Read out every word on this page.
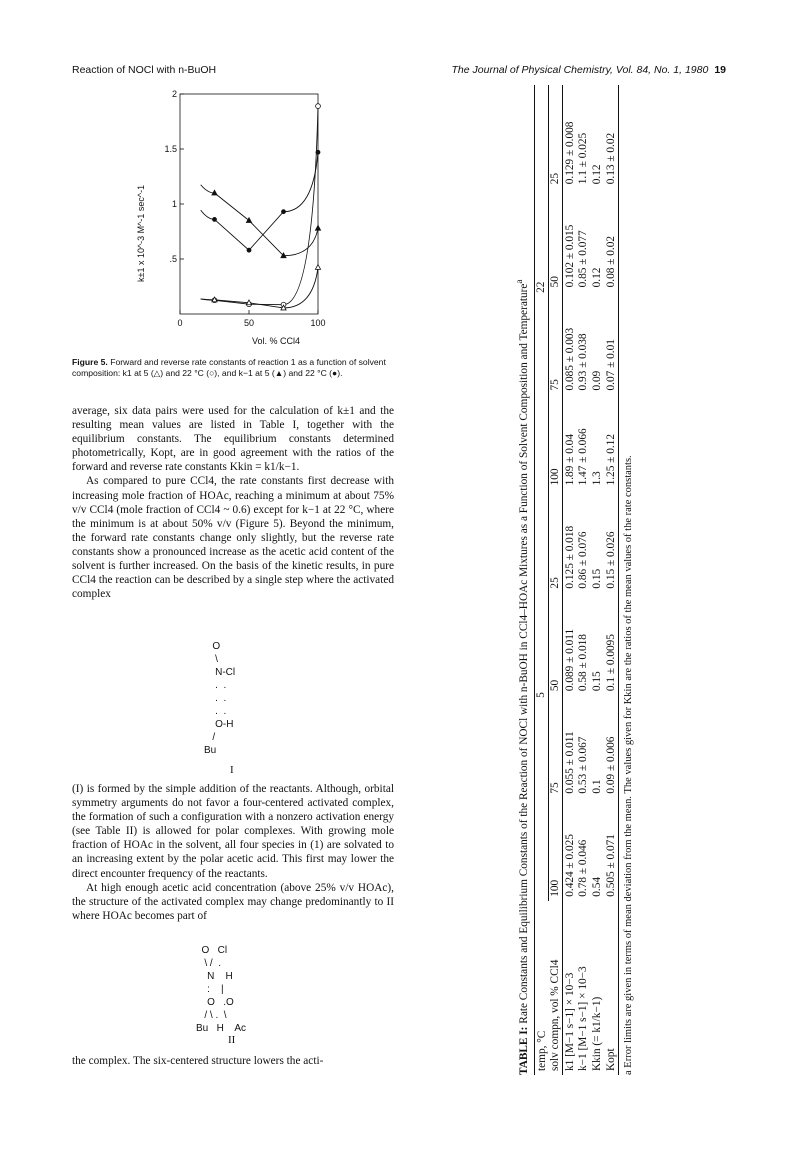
Reaction of NOCl with n-BuOH	The Journal of Physical Chemistry, Vol. 84, No. 1, 1980 19
0	50	100
2
1.5
1
.5
k±1 x 10^-3 M^-1 sec^-1
Vol. % CCl4
Figure 5. Forward and reverse rate constants of reaction 1 as a function of solvent composition: k1 at 5 (△) and 22 °C (○), and k−1 at 5 (▲) and 22 °C (●).

average, six data pairs were used for the calculation of k±1 and the resulting mean values are listed in Table I, together with the equilibrium constants. The equilibrium constants determined photometrically, Kopt, are in good agreement with the ratios of the forward and reverse rate constants Kkin = k1/k−1.

As compared to pure CCl4, the rate constants first decrease with increasing mole fraction of HOAc, reaching a minimum at about 75% v/v CCl4 (mole fraction of CCl4 ~ 0.6) except for k−1 at 22 °C, where the minimum is at about 50% v/v (Figure 5). Beyond the minimum, the forward rate constants change only slightly, but the reverse rate constants show a pronounced increase as the acetic acid content of the solvent is further increased. On the basis of the kinetic results, in pure CCl4 the reaction can be described by a single step where the activated complex

O
\
N-Cl
.  .
.  .
.  .
O-H
/
Bu
I

(I) is formed by the simple addition of the reactants. Although, orbital symmetry arguments do not favor a four-centered activated complex, the formation of such a configuration with a nonzero activation energy (see Table II) is allowed for polar complexes. With growing mole fraction of HOAc in the solvent, all four species in (1) are solvated to an increasing extent by the polar acetic acid. This first may lower the direct encounter frequency of the reactants.

At high enough acetic acid concentration (above 25% v/v HOAc), the structure of the activated complex may change predominantly to II where HOAc becomes part of

O   Cl
\ /  .
N    H
:    |
O   .O
/ \ .  \
Bu   H    Ac
II

the complex. The six-centered structure lowers the acti-	TABLE I: Rate Constants and Equilibrium Constants of the Reaction of NOCl with n-BuOH in CCl4–HOAc Mixtures as a Function of Solvent Composition and Temperature$^a$
temp, °C	5				22			
solv compn, vol % CCl4	100	75	50	25	100	75	50	25
k1 [M−1 s−1] × 10−3	0.424 ± 0.025	0.055 ± 0.011	0.089 ± 0.011	0.125 ± 0.018	1.89 ± 0.04	0.085 ± 0.003	0.102 ± 0.015	0.129 ± 0.008
k−1 [M−1 s−1] × 10−3	0.78 ± 0.046	0.53 ± 0.067	0.58 ± 0.018	0.86 ± 0.076	1.47 ± 0.066	0.93 ± 0.038	0.85 ± 0.077	1.1 ± 0.025
Kkin (= k1/k−1)	0.54	0.1	0.15	0.15	1.3	0.09	0.12	0.12
Kopt	0.505 ± 0.071	0.09 ± 0.006	0.1 ± 0.0095	0.15 ± 0.026	1.25 ± 0.12	0.07 ± 0.01	0.08 ± 0.02	0.13 ± 0.02
a Error limits are given in terms of mean deviation from the mean. The values given for Kkin are the ratios of the mean values of the rate constants.
